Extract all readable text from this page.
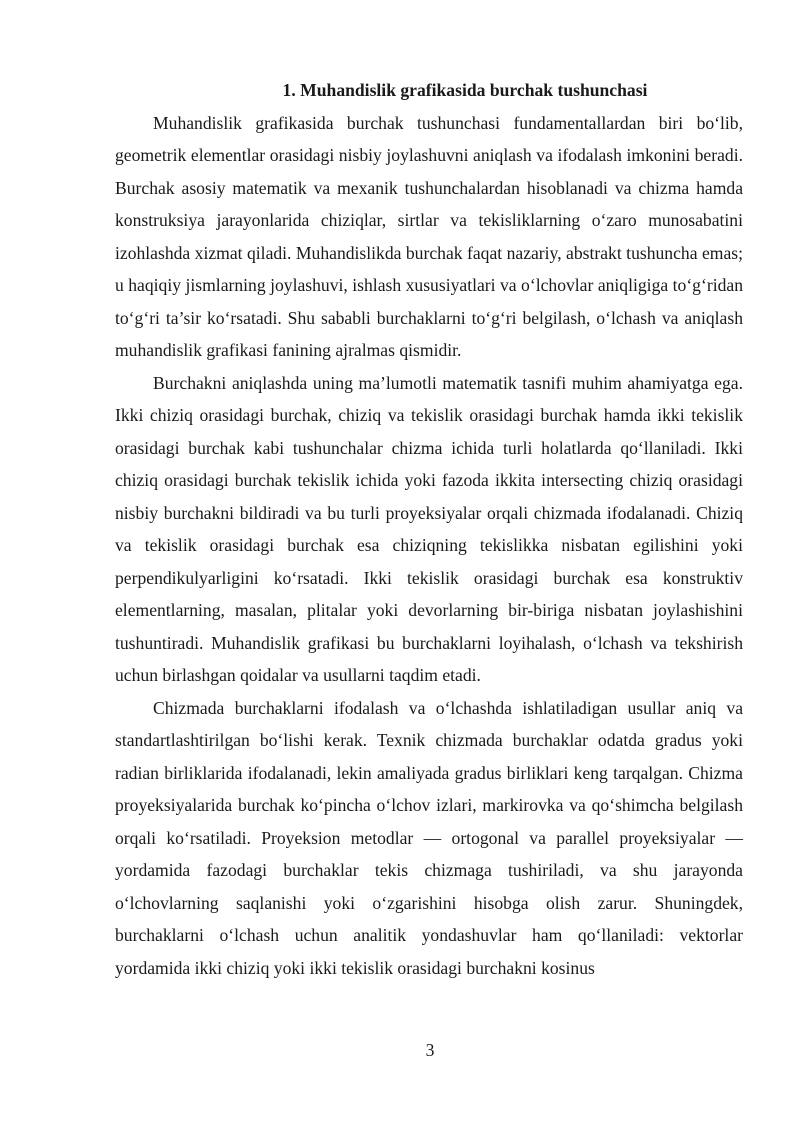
1. Muhandislik grafikasida burchak tushunchasi

Muhandislik grafikasida burchak tushunchasi fundamentallardan biri bo‘lib, geometrik elementlar orasidagi nisbiy joylashuvni aniqlash va ifodalash imkonini beradi. Burchak asosiy matematik va mexanik tushunchalardan hisoblanadi va chizma hamda konstruksiya jarayonlarida chiziqlar, sirtlar va tekisliklarning o‘zaro munosabatini izohlashda xizmat qiladi. Muhandislikda burchak faqat nazariy, abstrakt tushuncha emas; u haqiqiy jismlarning joylashuvi, ishlash xususiyatlari va o‘lchovlar aniqligiga to‘g‘ridan to‘g‘ri ta’sir ko‘rsatadi. Shu sababli burchaklarni to‘g‘ri belgilash, o‘lchash va aniqlash muhandislik grafikasi fanining ajralmas qismidir.

Burchakni aniqlashda uning ma’lumotli matematik tasnifi muhim ahamiyatga ega. Ikki chiziq orasidagi burchak, chiziq va tekislik orasidagi burchak hamda ikki tekislik orasidagi burchak kabi tushunchalar chizma ichida turli holatlarda qo‘llaniladi. Ikki chiziq orasidagi burchak tekislik ichida yoki fazoda ikkita intersecting chiziq orasidagi nisbiy burchakni bildiradi va bu turli proyeksiyalar orqali chizmada ifodalanadi. Chiziq va tekislik orasidagi burchak esa chiziqning tekislikka nisbatan egilishini yoki perpendikulyarligini ko‘rsatadi. Ikki tekislik orasidagi burchak esa konstruktiv elementlarning, masalan, plitalar yoki devorlarning bir-biriga nisbatan joylashishini tushuntiradi. Muhandislik grafikasi bu burchaklarni loyihalash, o‘lchash va tekshirish uchun birlashgan qoidalar va usullarni taqdim etadi.

Chizmada burchaklarni ifodalash va o‘lchashda ishlatiladigan usullar aniq va standartlashtirilgan bo‘lishi kerak. Texnik chizmada burchaklar odatda gradus yoki radian birliklarida ifodalanadi, lekin amaliyada gradus birliklari keng tarqalgan. Chizma proyeksiyalarida burchak ko‘pincha o‘lchov izlari, markirovka va qo‘shimcha belgilash orqali ko‘rsatiladi. Proyeksion metodlar — ortogonal va parallel proyeksiyalar — yordamida fazodagi burchaklar tekis chizmaga tushiriladi, va shu jarayonda o‘lchovlarning saqlanishi yoki o‘zgarishini hisobga olish zarur. Shuningdek, burchaklarni o‘lchash uchun analitik yondashuvlar ham qo‘llaniladi: vektorlar yordamida ikki chiziq yoki ikki tekislik orasidagi burchakni kosinus

3
